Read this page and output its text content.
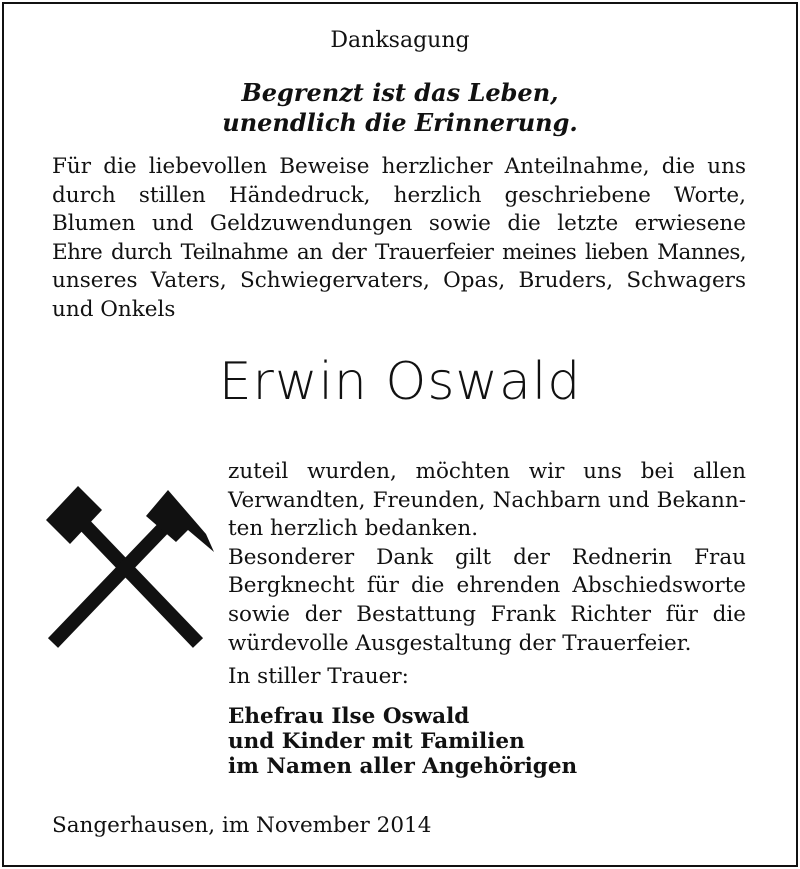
Danksagung
Begrenzt ist das Leben,
unendlich die Erinnerung.

Für die liebevollen Beweise herzlicher Anteilnahme, die uns

durch stillen Händedruck, herzlich geschriebene Worte,

Blumen und Geldzuwendungen sowie die letzte erwiesene

Ehre durch Teilnahme an der Trauerfeier meines lieben Mannes,

unseres Vaters, Schwiegervaters, Opas, Bruders, Schwagers

und Onkels

Erwin Oswald

zuteil wurden, möchten wir uns bei allen

Verwandten, Freunden, Nachbarn und Bekann-

ten herzlich bedanken.

Besonderer Dank gilt der Rednerin Frau

Bergknecht für die ehrenden Abschiedsworte

sowie der Bestattung Frank Richter für die

würdevolle Ausgestaltung der Trauerfeier.

In stiller Trauer:
Ehefrau Ilse Oswald
und Kinder mit Familien
im Namen aller Angehörigen
Sangerhausen, im November 2014
